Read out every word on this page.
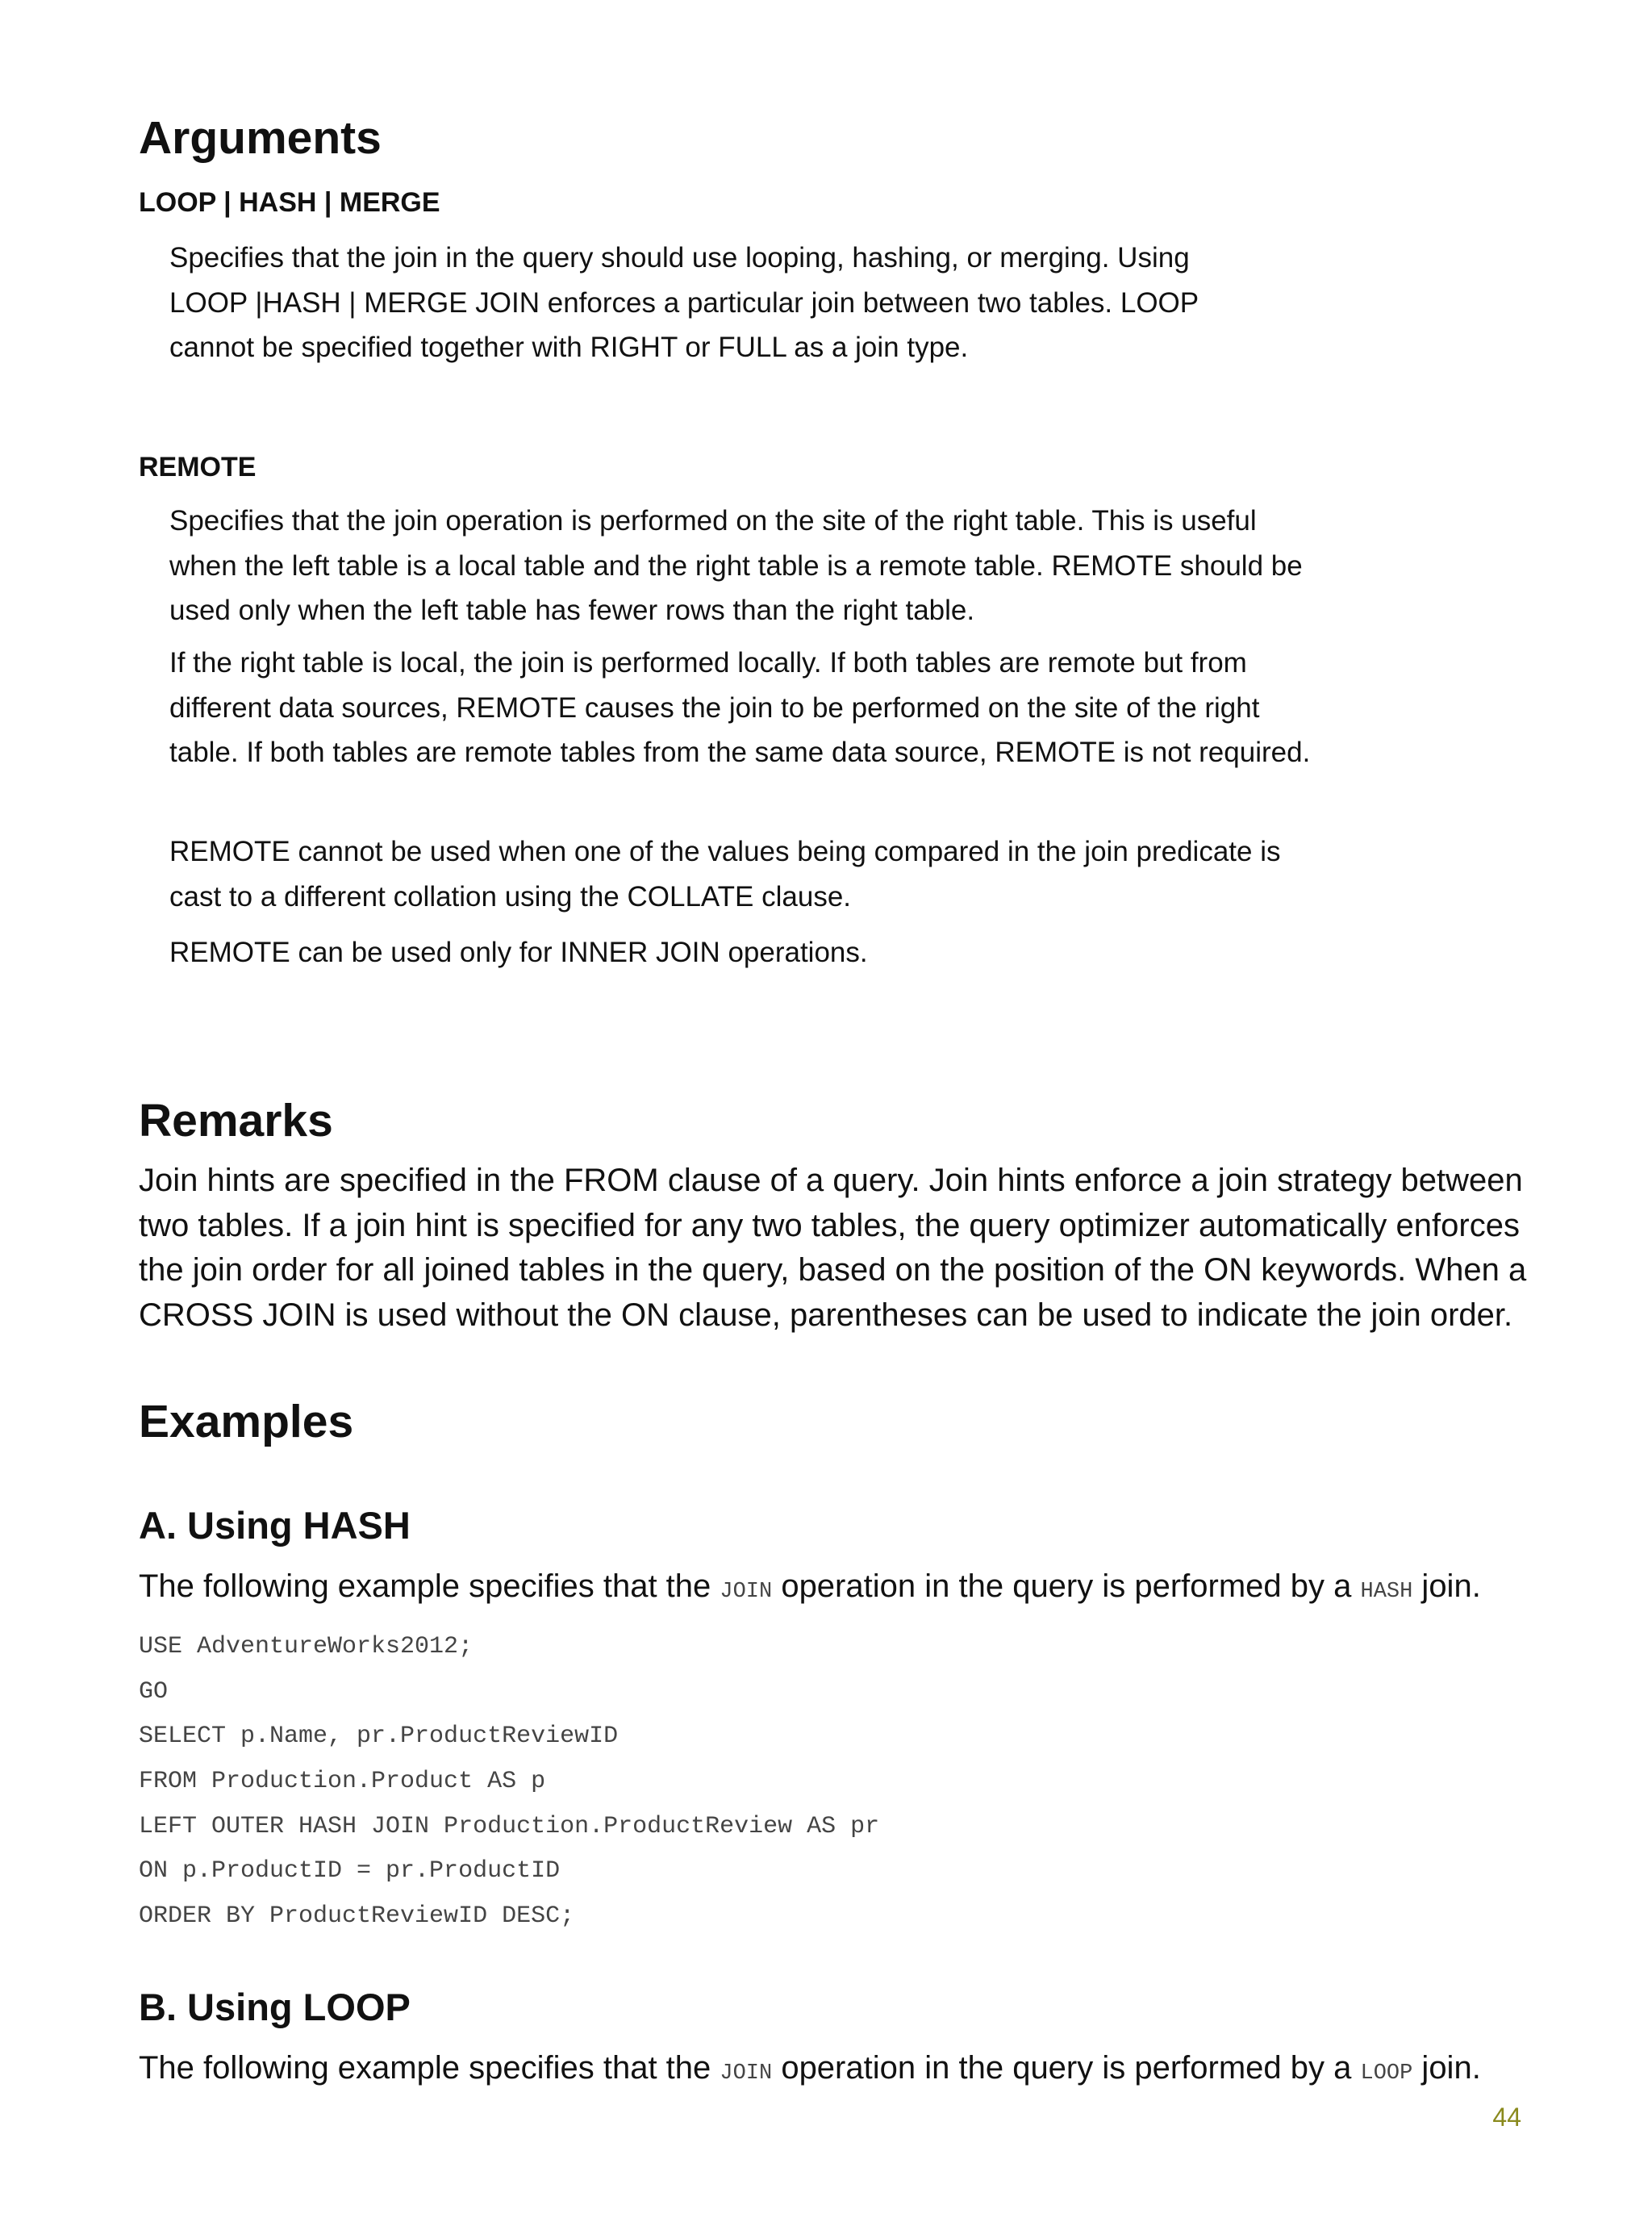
Arguments
LOOP | HASH | MERGE

Specifies that the join in the query should use looping, hashing, or merging. Using LOOP |HASH | MERGE JOIN enforces a particular join between two tables. LOOP cannot be specified together with RIGHT or FULL as a join type.

REMOTE

Specifies that the join operation is performed on the site of the right table. This is useful when the left table is a local table and the right table is a remote table. REMOTE should be used only when the left table has fewer rows than the right table.

If the right table is local, the join is performed locally. If both tables are remote but from different data sources, REMOTE causes the join to be performed on the site of the right table. If both tables are remote tables from the same data source, REMOTE is not required.

REMOTE cannot be used when one of the values being compared in the join predicate is cast to a different collation using the COLLATE clause.

REMOTE can be used only for INNER JOIN operations.

Remarks

Join hints are specified in the FROM clause of a query. Join hints enforce a join strategy between two tables. If a join hint is specified for any two tables, the query optimizer automatically enforces the join order for all joined tables in the query, based on the position of the ON keywords. When a CROSS JOIN is used without the ON clause, parentheses can be used to indicate the join order.

Examples
A. Using HASH

The following example specifies that the JOIN operation in the query is performed by a HASH join.

USE AdventureWorks2012;
GO
SELECT p.Name, pr.ProductReviewID
FROM Production.Product AS p
LEFT OUTER HASH JOIN Production.ProductReview AS pr
ON p.ProductID = pr.ProductID
ORDER BY ProductReviewID DESC;
B. Using LOOP

The following example specifies that the JOIN operation in the query is performed by a LOOP join.

44
